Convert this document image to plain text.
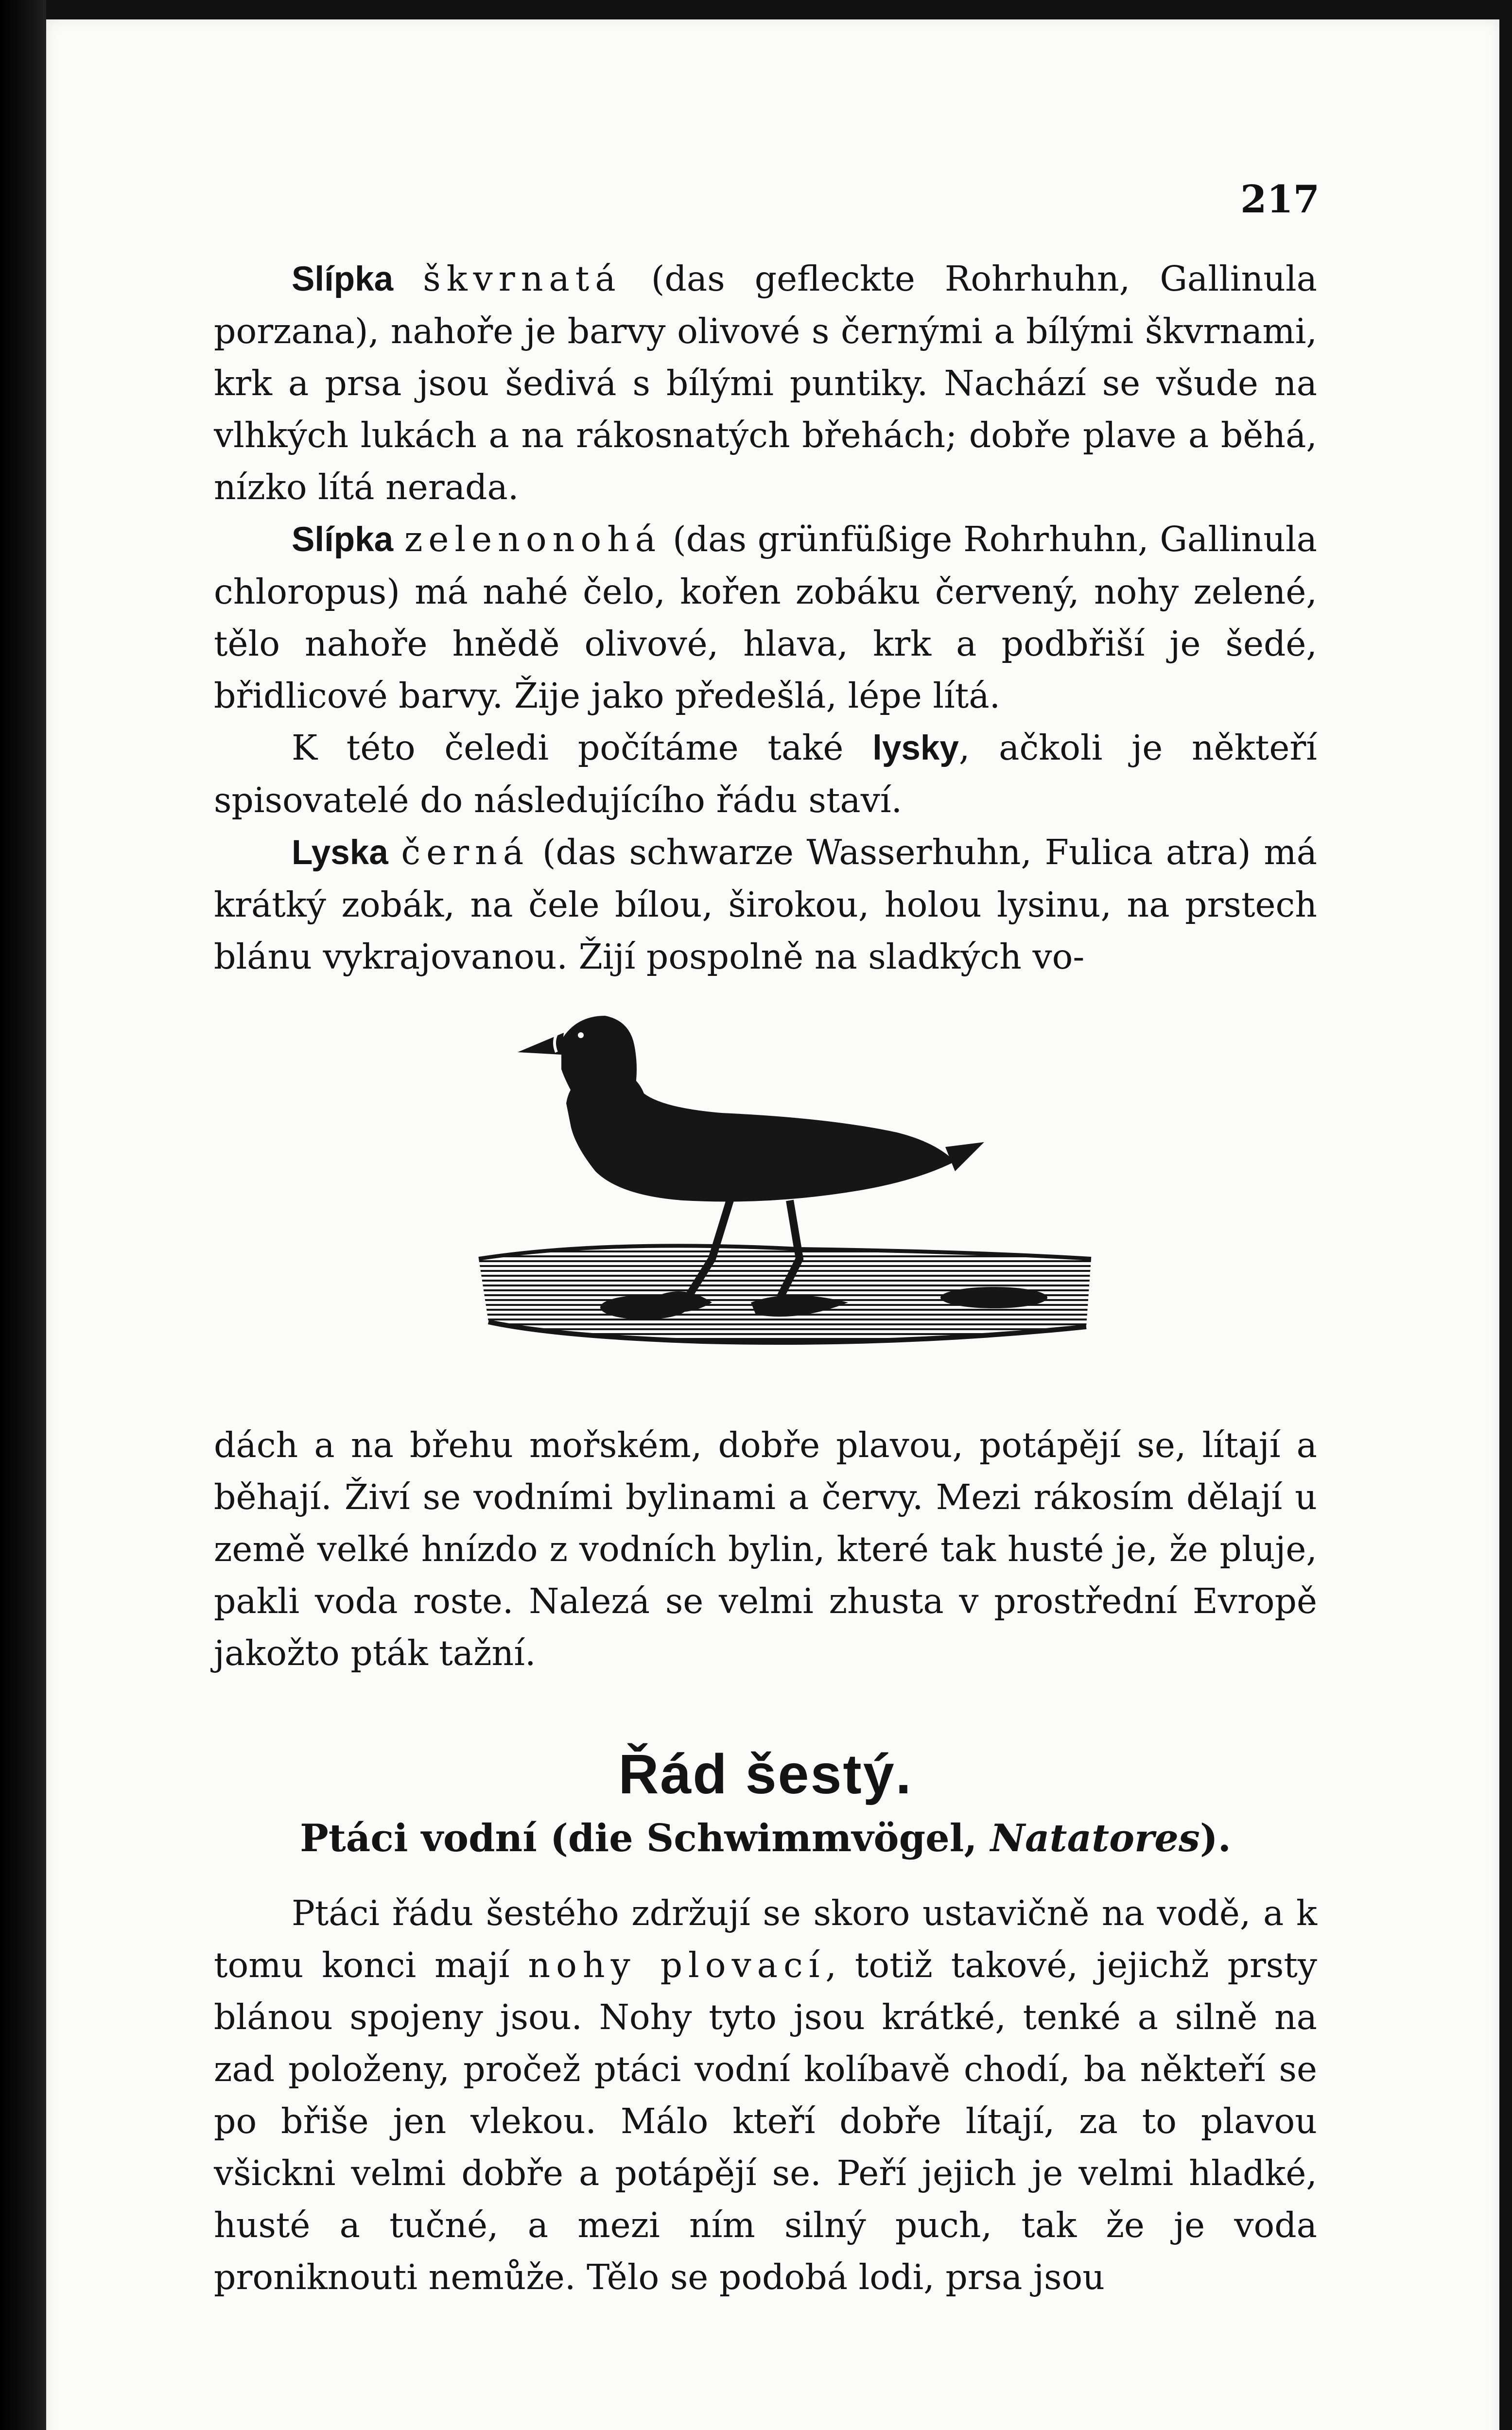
217

Slípka škvrnatá (das gefleckte Rohrhuhn, Gallinula porzana), nahoře je barvy olivové s černými a bílými škvrnami, krk a prsa jsou šedivá s bílými puntiky. Nachází se všude na vlhkých lukách a na rákosnatých břehách; dobře plave a běhá, nízko lítá nerada.

Slípka zelenonohá (das grünfüßige Rohrhuhn, Gallinula chloropus) má nahé čelo, kořen zobáku červený, nohy zelené, tělo nahoře hnědě olivové, hlava, krk a podbřiší je šedé, břidlicové barvy. Žije jako předešlá, lépe lítá.

K této čeledi počítáme také lysky, ačkoli je někteří spisovatelé do následujícího řádu staví.

Lyska černá (das schwarze Wasserhuhn, Fulica atra) má krátký zobák, na čele bílou, širokou, holou lysinu, na prstech blánu vykrajovanou. Žijí pospolně na sladkých vo-

dách a na břehu mořském, dobře plavou, potápějí se, lítají a běhají. Živí se vodními bylinami a červy. Mezi rákosím dělají u země velké hnízdo z vodních bylin, které tak husté je, že pluje, pakli voda roste. Nalezá se velmi zhusta v prostřední Evropě jakožto pták tažní.

Řád šestý.

Ptáci vodní (die Schwimmvögel, Natatores).

Ptáci řádu šestého zdržují se skoro ustavičně na vodě, a k tomu konci mají nohy plovací, totiž takové, jejichž prsty blánou spojeny jsou. Nohy tyto jsou krátké, tenké a silně na zad položeny, pročež ptáci vodní kolíbavě chodí, ba někteří se po břiše jen vlekou. Málo kteří dobře lítají, za to plavou všickni velmi dobře a potápějí se. Peří jejich je velmi hladké, husté a tučné, a mezi ním silný puch, tak že je voda proniknouti nemůže. Tělo se podobá lodi, prsa jsou
